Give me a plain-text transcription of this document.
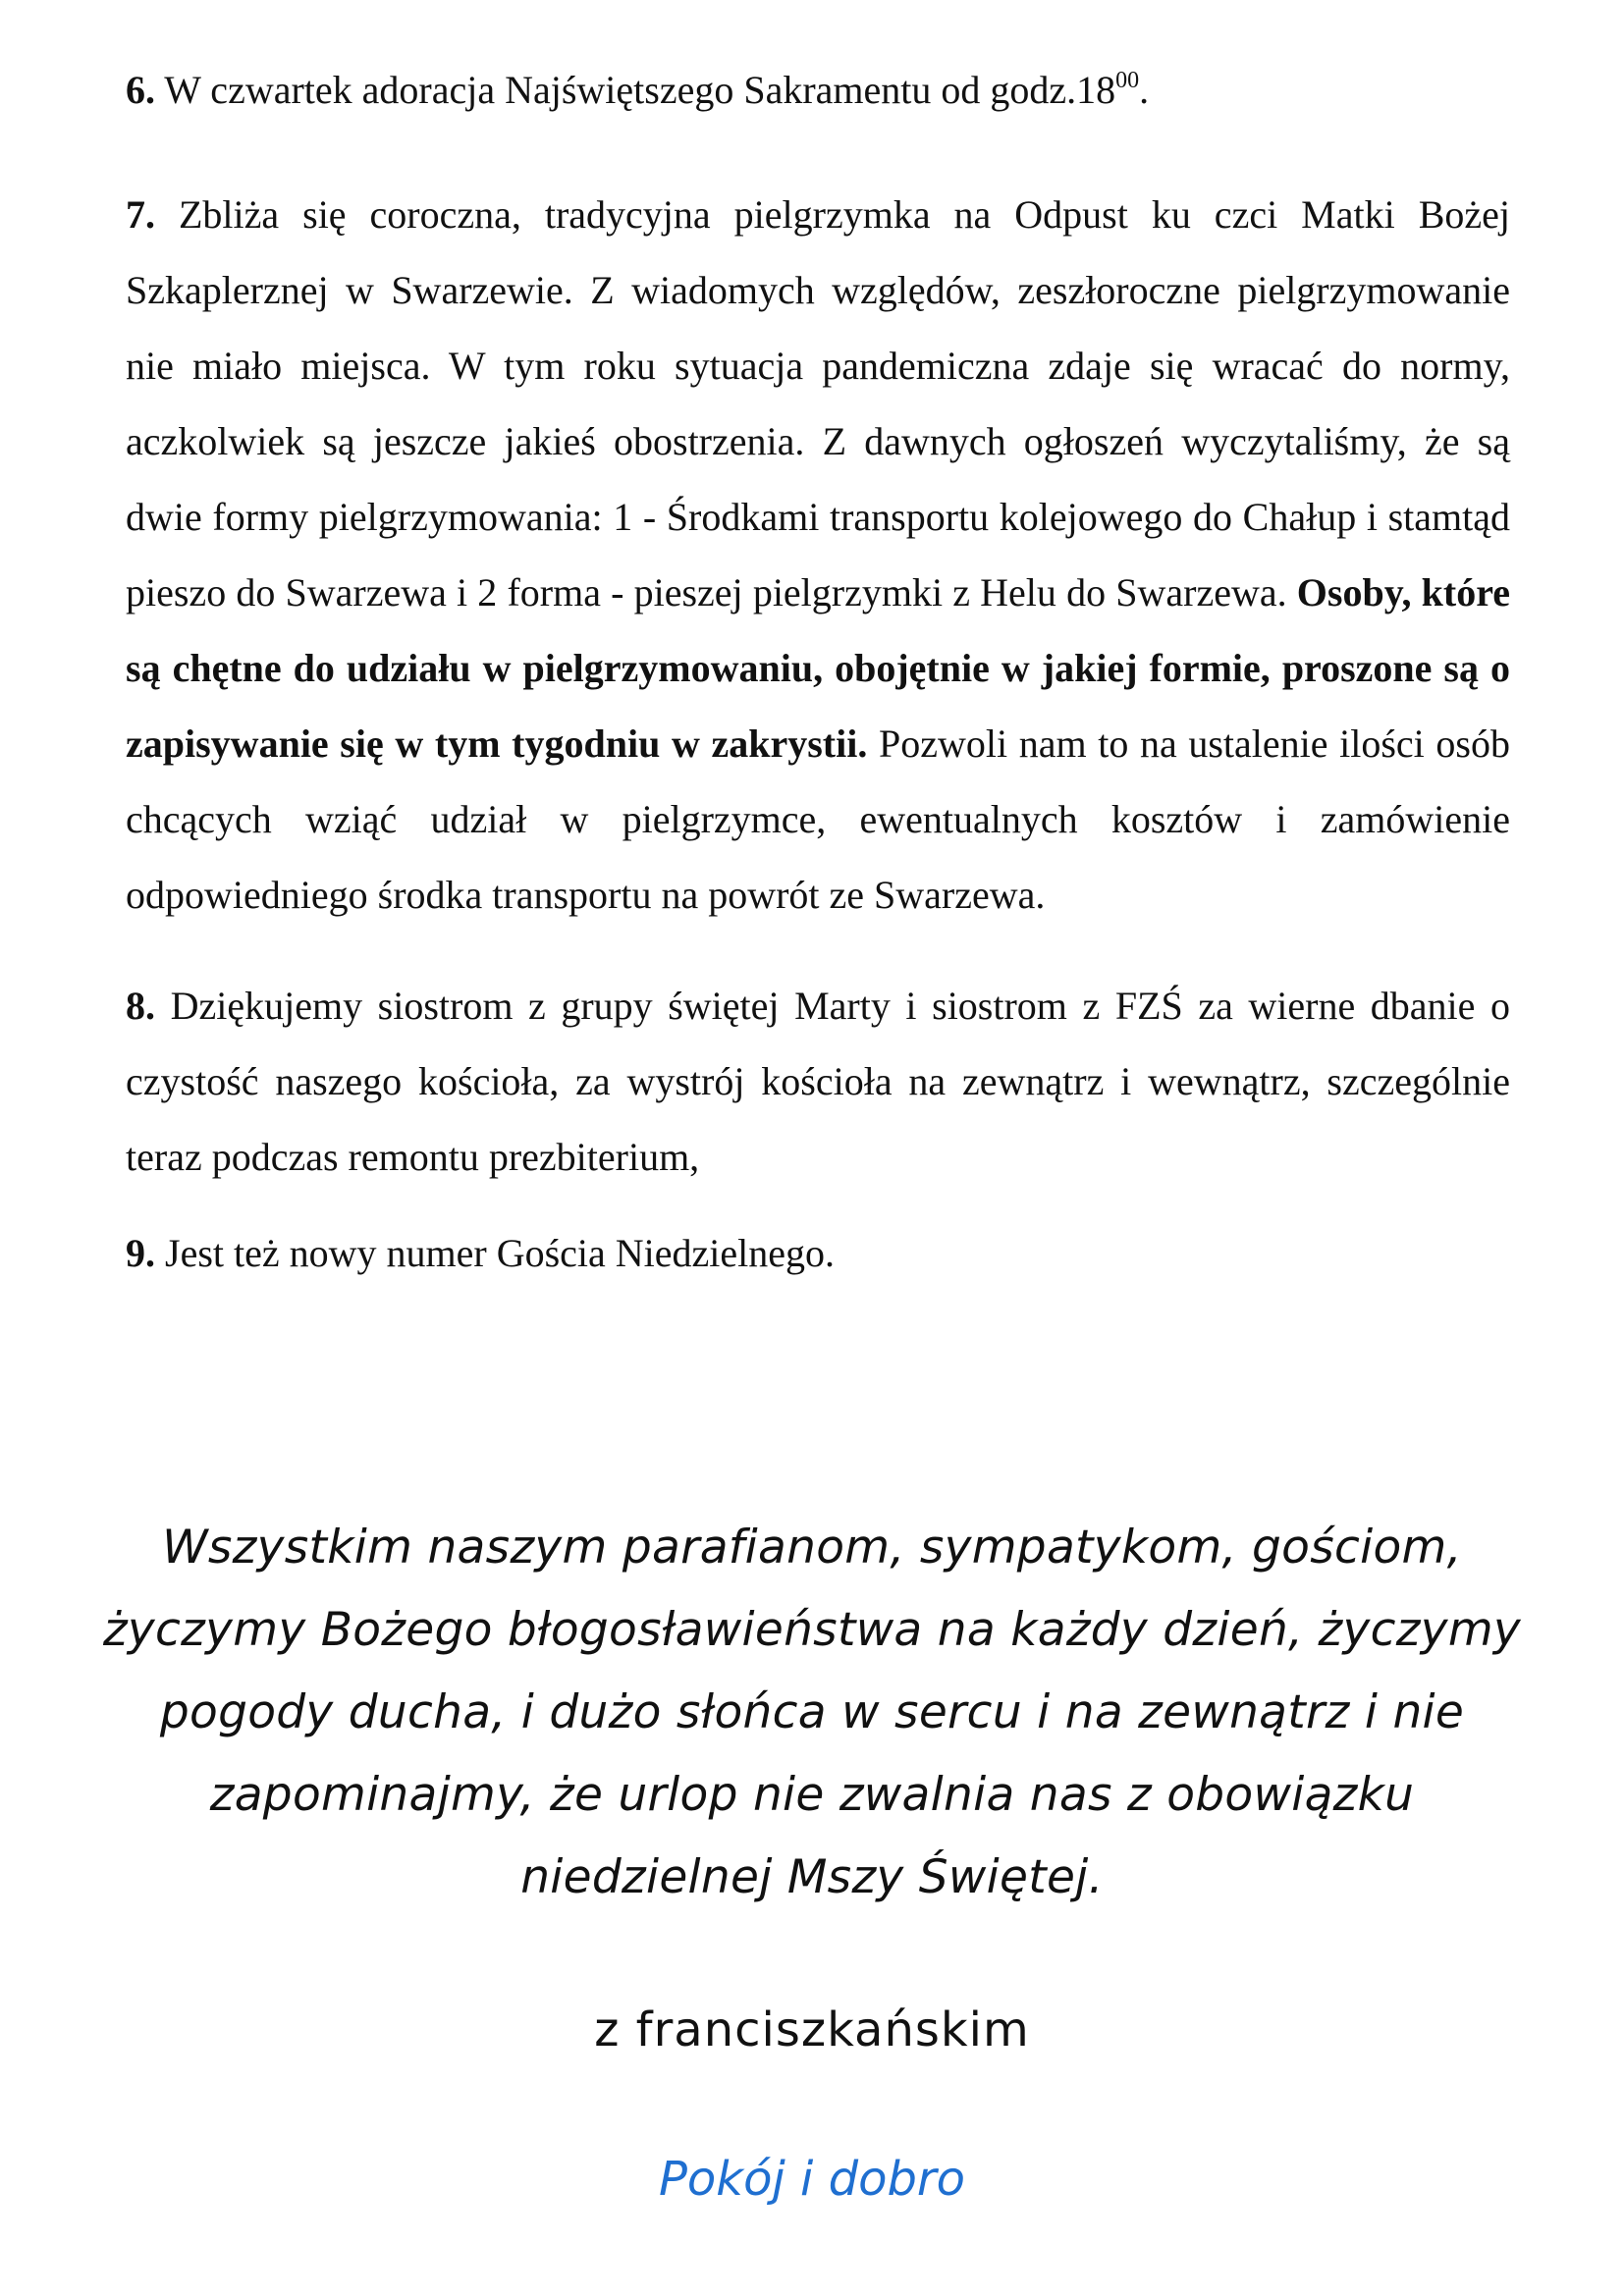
6. W czwartek adoracja Najświętszego Sakramentu od $godz.18^{00}$.

7. Zbliża się coroczna, tradycyjna pielgrzymka na Odpust ku czci Matki Bożej Szkaplerznej w Swarzewie. Z wiadomych względów, zeszłoroczne pielgrzymowanie nie miało miejsca. W tym roku sytuacja pandemiczna zdaje się wracać do normy, aczkolwiek są jeszcze jakieś obostrzenia. Z dawnych ogłoszeń wyczytaliśmy, że są dwie formy pielgrzymowania: 1 - Środkami transportu kolejowego do Chałup i stamtąd pieszo do Swarzewa i 2 forma - pieszej pielgrzymki z Helu do Swarzewa. Osoby, które są chętne do udziału w pielgrzymowaniu, obojętnie w jakiej formie, proszone są o zapisywanie się w tym tygodniu w zakrystii. Pozwoli nam to na ustalenie ilości osób chcących wziąć udział w pielgrzymce, ewentualnych kosztów i zamówienie odpowiedniego środka transportu na powrót ze Swarzewa.

8. Dziękujemy siostrom z grupy świętej Marty i siostrom z FZŚ za wierne dbanie o czystość naszego kościoła, za wystrój kościoła na zewnątrz i wewnątrz, szczególnie teraz podczas remontu prezbiterium,

9. Jest też nowy numer Gościa Niedzielnego.

Wszystkim naszym parafianom, sympatykom, gościom,
życzymy Bożego błogosławieństwa na każdy dzień, życzymy
pogody ducha, i dużo słońca w sercu i na zewnątrz i nie
zapominajmy, że urlop nie zwalnia nas z obowiązku
niedzielnej Mszy Świętej.
z franciszkańskim
Pokój i dobro
